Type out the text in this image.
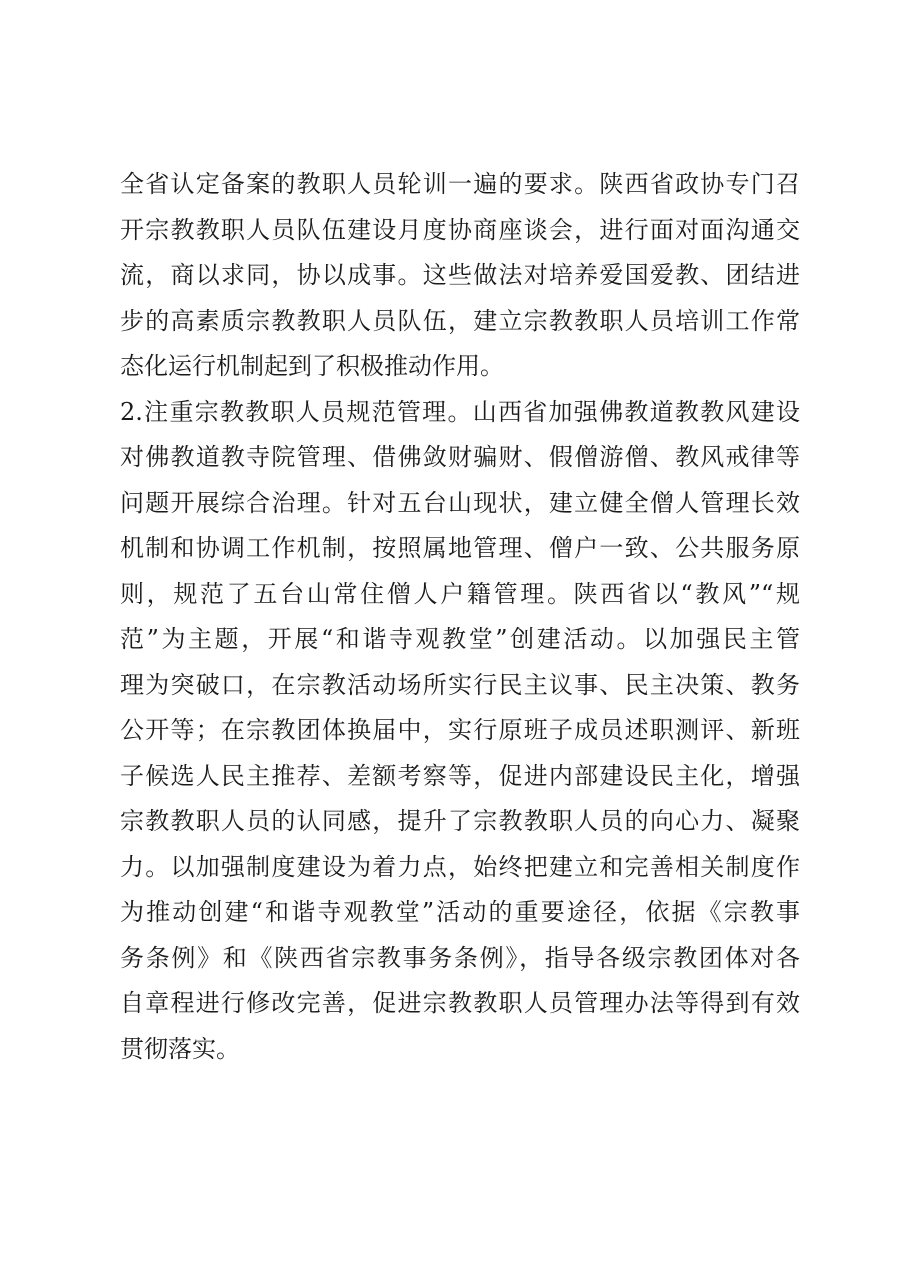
全省认定备案的教职人员轮训一遍的要求。陕西省政协专门召
开宗教教职人员队伍建设月度协商座谈会，进行面对面沟通交
流，商以求同，协以成事。这些做法对培养爱国爱教、团结进
步的高素质宗教教职人员队伍，建立宗教教职人员培训工作常
态化运行机制起到了积极推动作用。
2.注重宗教教职人员规范管理。山西省加强佛教道教教风建设
对佛教道教寺院管理、借佛敛财骗财、假僧游僧、教风戒律等
问题开展综合治理。针对五台山现状，建立健全僧人管理长效
机制和协调工作机制，按照属地管理、僧户一致、公共服务原
则，规范了五台山常住僧人户籍管理。陕西省以“教风”“规
范”为主题，开展“和谐寺观教堂”创建活动。以加强民主管
理为突破口，在宗教活动场所实行民主议事、民主决策、教务
公开等；在宗教团体换届中，实行原班子成员述职测评、新班
子候选人民主推荐、差额考察等，促进内部建设民主化，增强
宗教教职人员的认同感，提升了宗教教职人员的向心力、凝聚
力。以加强制度建设为着力点，始终把建立和完善相关制度作
为推动创建“和谐寺观教堂”活动的重要途径，依据《宗教事
务条例》和《陕西省宗教事务条例》，指导各级宗教团体对各
自章程进行修改完善，促进宗教教职人员管理办法等得到有效
贯彻落实。
